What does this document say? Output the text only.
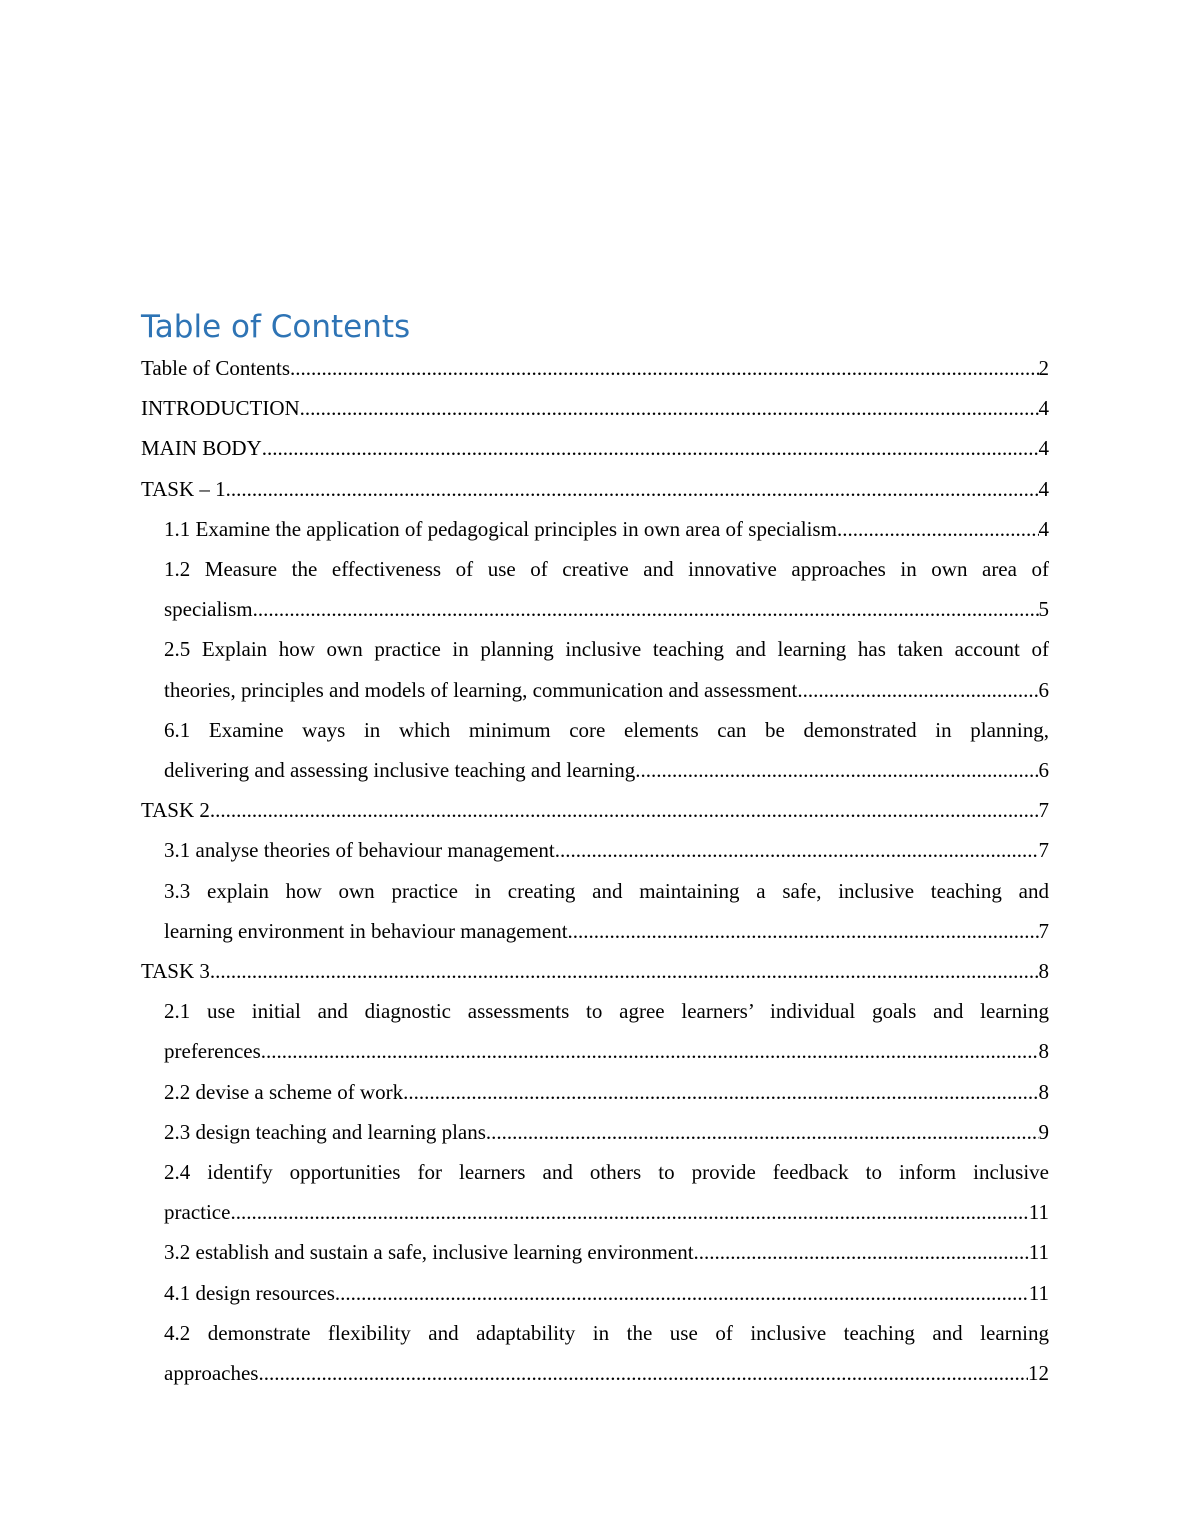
Table of Contents
Table of Contents .....	2
INTRODUCTION .....	4
MAIN BODY .....	4
TASK – 1 .....	4
1.1 Examine the application of pedagogical principles in own area of specialism .....	4
1.2 Measure the effectiveness of use of creative and innovative approaches in own area of
specialism .....	5
2.5 Explain how own practice in planning inclusive teaching and learning has taken account of
theories, principles and models of learning, communication and assessment .....	6
6.1 Examine ways in which minimum core elements can be demonstrated in planning,
delivering and assessing inclusive teaching and learning .....	6
TASK 2 .....	7
3.1 analyse theories of behaviour management .....	7
3.3 explain how own practice in creating and maintaining a safe, inclusive teaching and
learning environment in behaviour management .....	7
TASK 3 .....	8
2.1 use initial and diagnostic assessments to agree learners’ individual goals and learning
preferences .....	8
2.2 devise a scheme of work .....	8
2.3 design teaching and learning plans .....	9
2.4 identify opportunities for learners and others to provide feedback to inform inclusive
practice .....	11
3.2 establish and sustain a safe, inclusive learning environment .....	11
4.1 design resources .....	11
4.2 demonstrate flexibility and adaptability in the use of inclusive teaching and learning
approaches .....	12
